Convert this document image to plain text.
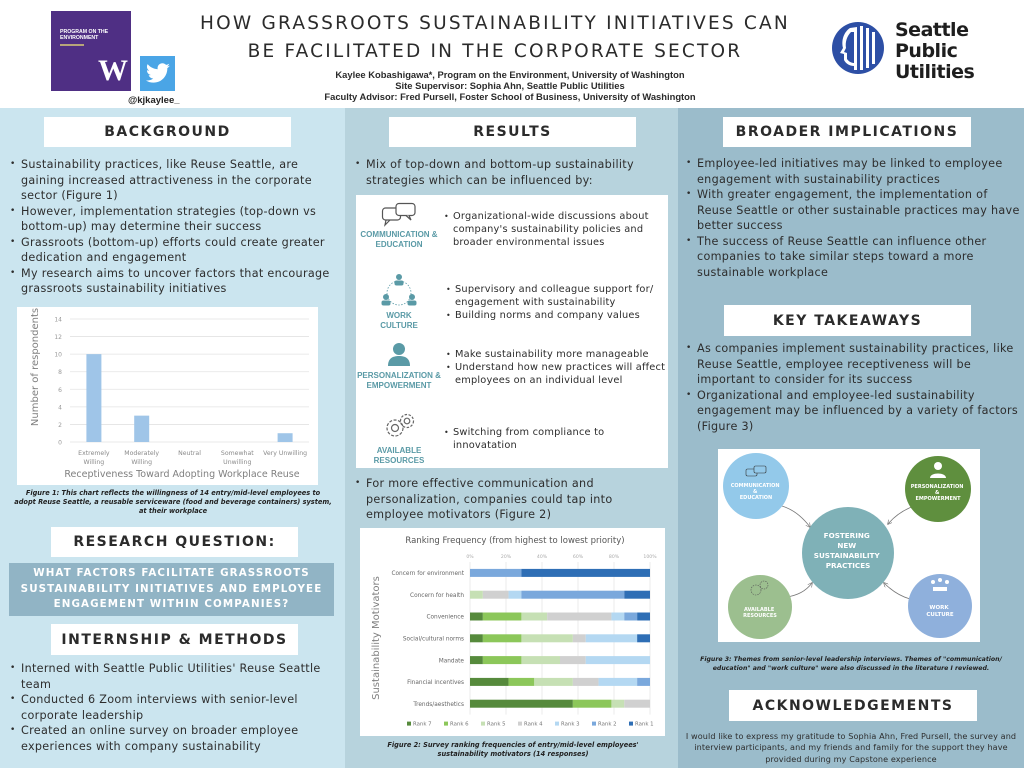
PROGRAM ON THE ENVIRONMENT
W
@kjkaylee_
HOW GRASSROOTS SUSTAINABILITY INITIATIVES CAN
BE FACILITATED IN THE CORPORATE SECTOR
Kaylee Kobashigawa*, Program on the Environment, University of Washington
Site Supervisor: Sophia Ahn, Seattle Public Utilities
Faculty Advisor: Fred Pursell, Foster School of Business, University of Washington
Seattle
Public
Utilities
BACKGROUND
• Sustainability practices, like Reuse Seattle, are gaining increased attractiveness in the corporate sector (Figure 1)
• However, implementation strategies (top-down vs bottom-up) may determine their success
• Grassroots (bottom-up) efforts could create greater dedication and engagement
• My research aims to uncover factors that encourage grassroots sustainability initiatives
0
2
4
6
8
10
12
14
Extremely Willing
Moderately Willing
Neutral	Somewhat Unwilling
Very Unwilling
Number of respondents
Receptiveness Toward Adopting Workplace Reuse
Figure 1: This chart reflects the willingness of 14 entry/mid-level employees to adopt Reuse Seattle, a reusable serviceware (food and beverage containers) system, at their workplace
RESEARCH QUESTION:
WHAT FACTORS FACILITATE GRASSROOTS SUSTAINABILITY INITIATIVES AND EMPLOYEE ENGAGEMENT WITHIN COMPANIES?
INTERNSHIP & METHODS
• Interned with Seattle Public Utilities' Reuse Seattle team
• Conducted 6 Zoom interviews with senior-level corporate leadership
• Created an online survey on broader employee experiences with company sustainability
RESULTS
• Mix of top-down and bottom-up sustainability strategies which can be influenced by:
COMMUNICATION & EDUCATION
• Organizational-wide discussions about company's sustainability policies and broader environmental issues
WORK CULTURE
• Supervisory and colleague support for/ engagement with sustainability
• Building norms and company values
PERSONALIZATION & EMPOWERMENT
• Make sustainability more manageable
• Understand how new practices will affect employees on an individual level
AVAILABLE RESOURCES
• Switching from compliance to innovatation
• For more effective communication and personalization, companies could tap into employee motivators (Figure 2)
Ranking Frequency (from highest to lowest priority)
0%	20%	40%	60%	80%	100%
Concern for environment
Concern for health
Convenience
Social/cultural norms
Mandate
Financial incentives
Trends/aesthetics
Rank 7	Rank 6	Rank 5	Rank 4	Rank 3	Rank 2	Rank 1
Sustainability Motivators
Figure 2: Survey ranking frequencies of entry/mid-level employees' sustainability motivators (14 responses)
BROADER IMPLICATIONS
• Employee-led initiatives may be linked to employee engagement with sustainability practices
• With greater engagement, the implementation of Reuse Seattle or other sustainable practices may have better success
• The success of Reuse Seattle can influence other companies to take similar steps toward a more sustainable workplace
KEY TAKEAWAYS
• As companies implement sustainability practices, like Reuse Seattle, employee receptiveness will be important to consider for its success
• Organizational and employee-led sustainability engagement may be influenced by a variety of factors (Figure 3)
FOSTERING NEW SUSTAINABILITY PRACTICES
COMMUNICATION & EDUCATION
PERSONALIZATION & EMPOWERMENT
AVAILABLE RESOURCES
WORK CULTURE
Figure 3: Themes from senior-level leadership interviews. Themes of "communication/ education" and "work culture" were also discussed in the literature I reviewed.
ACKNOWLEDGEMENTS
I would like to express my gratitude to Sophia Ahn, Fred Pursell, the survey and interview participants, and my friends and family for the support they have provided during my Capstone experience
